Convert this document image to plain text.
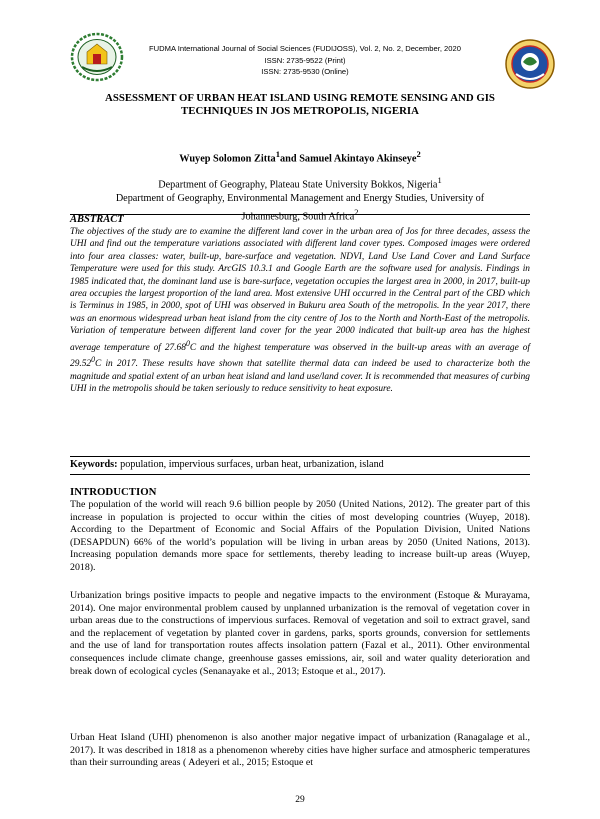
FUDMA International Journal of Social Sciences (FUDIJOSS), Vol. 2, No. 2, December, 2020
ISSN: 2735-9522 (Print)
ISSN: 2735-9530 (Online)
ASSESSMENT OF URBAN HEAT ISLAND USING REMOTE SENSING AND GIS
TECHNIQUES IN JOS METROPOLIS, NIGERIA
Wuyep Solomon Zitta$^1$and Samuel Akintayo Akinseye$^2$
Department of Geography, Plateau State University Bokkos, Nigeria$^1$
Department of Geography, Environmental Management and Energy Studies, University of
Johannesburg, South Africa$^2$
ABSTRACT
The objectives of the study are to examine the different land cover in the urban area of Jos for three decades, assess the UHI and find out the temperature variations associated with different land cover types. Composed images were ordered into four area classes: water, built-up, bare-surface and vegetation. NDVI, Land Use Land Cover and Land Surface Temperature were used for this study. ArcGIS 10.3.1 and Google Earth are the software used for analysis. Findings in 1985 indicated that, the dominant land use is bare-surface, vegetation occupies the largest area in 2000, in 2017, built-up area occupies the largest proportion of the land area. Most extensive UHI occurred in the Central part of the CBD which is Terminus in 1985, in 2000, spot of UHI was observed in Bukuru area South of the metropolis. In the year 2017, there was an enormous widespread urban heat island from the city centre of Jos to the North and North-East of the metropolis. Variation of temperature between different land cover for the year 2000 indicated that built-up area has the highest average temperature of 27.68$^0$C and the highest temperature was observed in the built-up areas with an average of 29.52$^0$C in 2017. These results have shown that satellite thermal data can indeed be used to characterize both the magnitude and spatial extent of an urban heat island and land use/land cover. It is recommended that measures of curbing UHI in the metropolis should be taken seriously to reduce sensitivity to heat exposure.
Keywords: population, impervious surfaces, urban heat, urbanization, island
INTRODUCTION
The population of the world will reach 9.6 billion people by 2050 (United Nations, 2012). The greater part of this increase in population is projected to occur within the cities of most developing countries (Wuyep, 2018). According to the Department of Economic and Social Affairs of the Population Division, United Nations (DESAPDUN) 66% of the world’s population will be living in urban areas by 2050 (United Nations, 2013). Increasing population demands more space for settlements, thereby leading to increase built-up areas (Wuyep, 2018).
Urbanization brings positive impacts to people and negative impacts to the environment (Estoque & Murayama, 2014). One major environmental problem caused by unplanned urbanization is the removal of vegetation cover in urban areas due to the constructions of impervious surfaces. Removal of vegetation and soil to extract gravel, sand and the replacement of vegetation by planted cover in gardens, parks, sports grounds, conversion for settlements and the use of land for transportation routes affects insolation pattern (Fazal et al., 2011). Other environmental consequences include climate change, greenhouse gasses emissions, air, soil and water quality deterioration and break down of ecological cycles (Senanayake et al., 2013; Estoque et al., 2017).
Urban Heat Island (UHI) phenomenon is also another major negative impact of urbanization (Ranagalage et al., 2017). It was described in 1818 as a phenomenon whereby cities have higher surface and atmospheric temperatures than their surrounding areas ( Adeyeri et al., 2015; Estoque et
29
